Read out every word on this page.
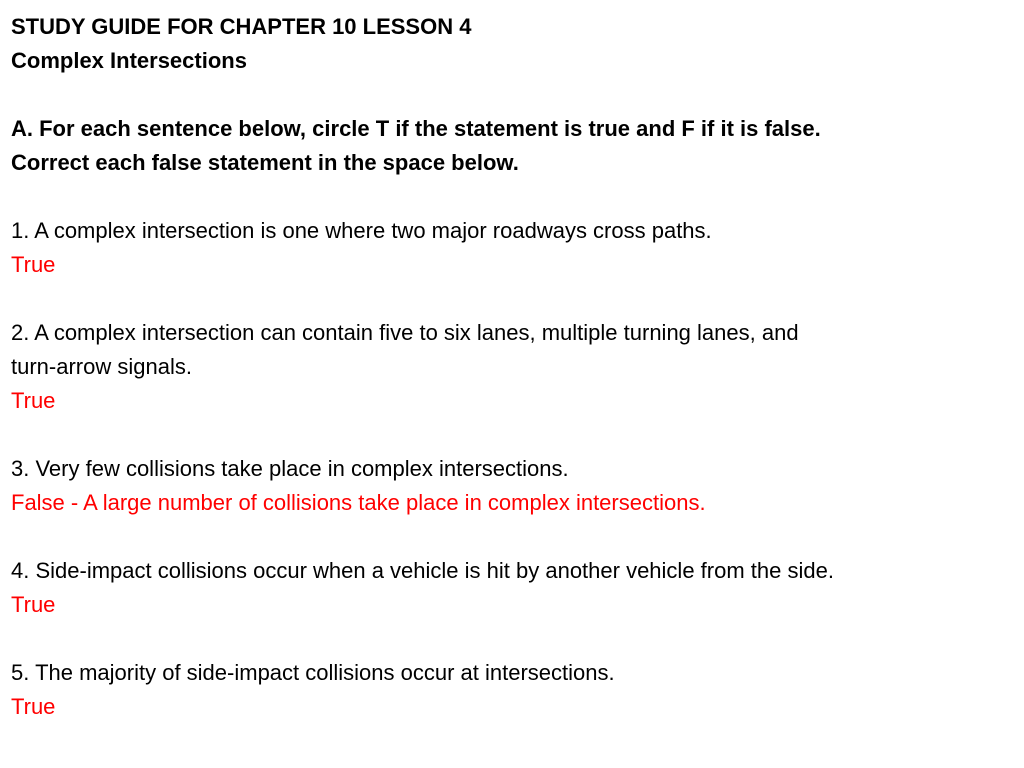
STUDY GUIDE FOR CHAPTER 10 LESSON 4
Complex Intersections
A. For each sentence below, circle T if the statement is true and F if it is false.
Correct each false statement in the space below.
1. A complex intersection is one where two major roadways cross paths.
True
2. A complex intersection can contain five to six lanes, multiple turning lanes, and
turn-arrow signals.
True
3. Very few collisions take place in complex intersections.
False - A large number of collisions take place in complex intersections.
4. Side-impact collisions occur when a vehicle is hit by another vehicle from the side.
True
5. The majority of side-impact collisions occur at intersections.
True
